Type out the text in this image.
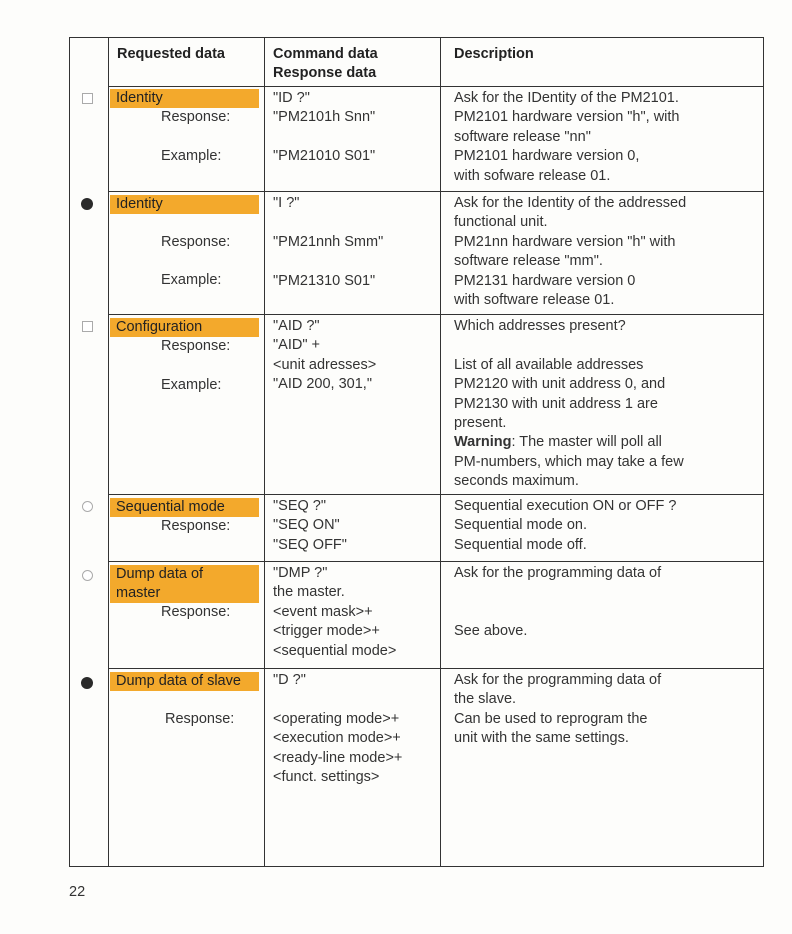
Requested data	Command data
Response data
Description
Identity
Response:
Example:
"ID ?"
"PM2101h Snn"

"PM21010 S01"
Ask for the IDentity of the PM2101.
PM2101 hardware version "h", with
software release "nn"
PM2101 hardware version 0,
with sofware release 01.
Identity
Response:
Example:
"I ?"

"PM21nnh Smm"

"PM21310 S01"
Ask for the Identity of the addressed
functional unit.
PM21nn hardware version "h" with
software release "mm".
PM2131 hardware version 0
with software release 01.
Configuration
Response:
Example:
"AID ?"
"AID" +
<unit adresses>
"AID 200, 301,"
Which addresses present?

List of all available addresses
PM2120 with unit address 0, and
PM2130 with unit address 1 are
present.
Warning: The master will poll all
PM-numbers, which may take a few
seconds maximum.
Sequential mode
Response:
"SEQ ?"
"SEQ ON"
"SEQ OFF"
Sequential execution ON or OFF ?
Sequential mode on.
Sequential mode off.
Dump data of
master
Response:
"DMP ?"
the master.
<event mask>+
<trigger mode>+
<sequential mode>
Ask for the programming data of

See above.
Dump data of slave
Response:
"D ?"

<operating mode>+
<execution mode>+
<ready-line mode>+
<funct. settings>
Ask for the programming data of
the slave.
Can be used to reprogram the
unit with the same settings.
22
